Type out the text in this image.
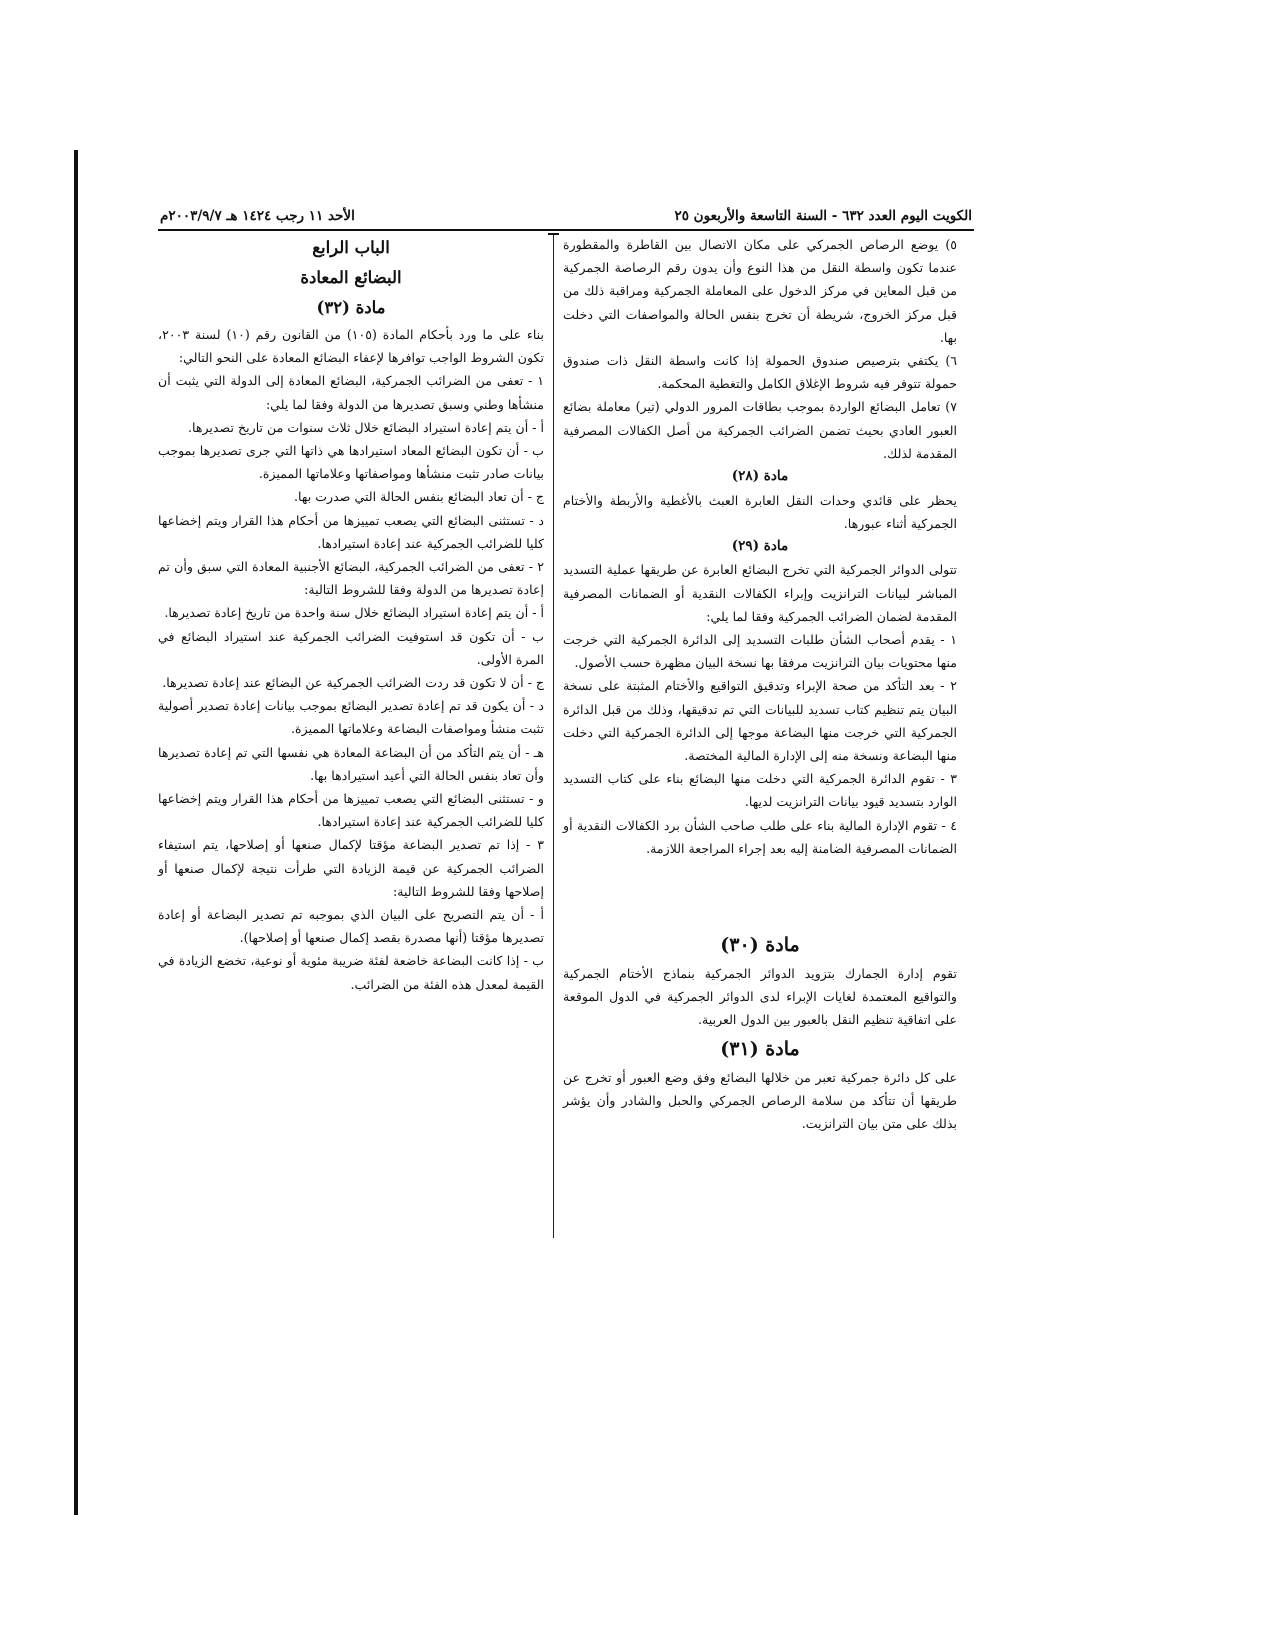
الكويت اليوم العدد ٦٣٢ - السنة التاسعة والأربعون ٢٥
الأحد ١١ رجب ١٤٢٤ هـ ٢٠٠٣/٩/٧م

٥) يوضع الرصاص الجمركي على مكان الاتصال بين القاطرة والمقطورة عندما تكون واسطة النقل من هذا النوع وأن يدون رقم الرصاصة الجمركية من قبل المعاين في مركز الدخول على المعاملة الجمركية ومراقبة ذلك من قبل مركز الخروج، شريطة أن تخرج بنفس الحالة والمواصفات التي دخلت بها.

٦) يكتفي بترصيص صندوق الحمولة إذا كانت واسطة النقل ذات صندوق حمولة تتوفر فيه شروط الإغلاق الكامل والتغطية المحكمة.

٧) تعامل البضائع الواردة بموجب بطاقات المرور الدولي (تير) معاملة بضائع العبور العادي بحيث تضمن الضرائب الجمركية من أصل الكفالات المصرفية المقدمة لذلك.

مادة (٢٨)

يحظر على قائدي وحدات النقل العابرة العبث بالأغطية والأربطة والأختام الجمركية أثناء عبورها.

مادة (٢٩)

تتولى الدوائر الجمركية التي تخرج البضائع العابرة عن طريقها عملية التسديد المباشر لبيانات الترانزيت وإبراء الكفالات النقدية أو الضمانات المصرفية المقدمة لضمان الضرائب الجمركية وفقا لما يلي:

١ - يقدم أصحاب الشأن طلبات التسديد إلى الدائرة الجمركية التي خرجت منها محتويات بيان الترانزيت مرفقا بها نسخة البيان مظهرة حسب الأصول.

٢ - بعد التأكد من صحة الإبراء وتدقيق التواقيع والأختام المثبتة على نسخة البيان يتم تنظيم كتاب تسديد للبيانات التي تم تدقيقها، وذلك من قبل الدائرة الجمركية التي خرجت منها البضاعة موجها إلى الدائرة الجمركية التي دخلت منها البضاعة ونسخة منه إلى الإدارة المالية المختصة.

٣ - تقوم الدائرة الجمركية التي دخلت منها البضائع بناء على كتاب التسديد الوارد بتسديد قيود بيانات الترانزيت لديها.

٤ - تقوم الإدارة المالية بناء على طلب صاحب الشأن برد الكفالات النقدية أو الضمانات المصرفية الضامنة إليه بعد إجراء المراجعة اللازمة.

مادة (٣٠)

تقوم إدارة الجمارك بتزويد الدوائر الجمركية بنماذج الأختام الجمركية والتواقيع المعتمدة لغايات الإبراء لدى الدوائر الجمركية في الدول الموقعة على اتفاقية تنظيم النقل بالعبور بين الدول العربية.

مادة (٣١)

على كل دائرة جمركية تعبر من خلالها البضائع وفق وضع العبور أو تخرج عن طريقها أن تتأكد من سلامة الرصاص الجمركي والحبل والشادر وأن يؤشر بذلك على متن بيان الترانزيت.

الباب الرابع

البضائع المعادة

مادة (٣٢)

بناء على ما ورد بأحكام المادة (١٠٥) من القانون رقم (١٠) لسنة ٢٠٠٣، تكون الشروط الواجب توافرها لإعفاء البضائع المعادة على النحو التالي:

١ - تعفى من الضرائب الجمركية، البضائع المعادة إلى الدولة التي يثبت أن منشأها وطني وسبق تصديرها من الدولة وفقا لما يلي:

أ - أن يتم إعادة استيراد البضائع خلال ثلاث سنوات من تاريخ تصديرها.

ب - أن تكون البضائع المعاد استيرادها هي ذاتها التي جرى تصديرها بموجب بيانات صادر تثبت منشأها ومواصفاتها وعلاماتها المميزة.

ج - أن تعاد البضائع بنفس الحالة التي صدرت بها.

د - تستثنى البضائع التي يصعب تمييزها من أحكام هذا القرار ويتم إخضاعها كليا للضرائب الجمركية عند إعادة استيرادها.

٢ - تعفى من الضرائب الجمركية، البضائع الأجنبية المعادة التي سبق وأن تم إعادة تصديرها من الدولة وفقا للشروط التالية:

أ - أن يتم إعادة استيراد البضائع خلال سنة واحدة من تاريخ إعادة تصديرها.

ب - أن تكون قد استوفيت الضرائب الجمركية عند استيراد البضائع في المرة الأولى.

ج - أن لا تكون قد ردت الضرائب الجمركية عن البضائع عند إعادة تصديرها.

د - أن يكون قد تم إعادة تصدير البضائع بموجب بيانات إعادة تصدير أصولية تثبت منشأ ومواصفات البضاعة وعلاماتها المميزة.

هـ - أن يتم التأكد من أن البضاعة المعادة هي نفسها التي تم إعادة تصديرها وأن تعاد بنفس الحالة التي أعيد استيرادها بها.

و - تستثنى البضائع التي يصعب تمييزها من أحكام هذا القرار ويتم إخضاعها كليا للضرائب الجمركية عند إعادة استيرادها.

٣ - إذا تم تصدير البضاعة مؤقتا لإكمال صنعها أو إصلاحها، يتم استيفاء الضرائب الجمركية عن قيمة الزيادة التي طرأت نتيجة لإكمال صنعها أو إصلاحها وفقا للشروط التالية:

أ - أن يتم التصريح على البيان الذي بموجبه تم تصدير البضاعة أو إعادة تصديرها مؤقتا (أنها مصدرة بقصد إكمال صنعها أو إصلاحها).

ب - إذا كانت البضاعة خاضعة لفئة ضريبة مئوية أو نوعية، تخضع الزيادة في القيمة لمعدل هذه الفئة من الضرائب.
